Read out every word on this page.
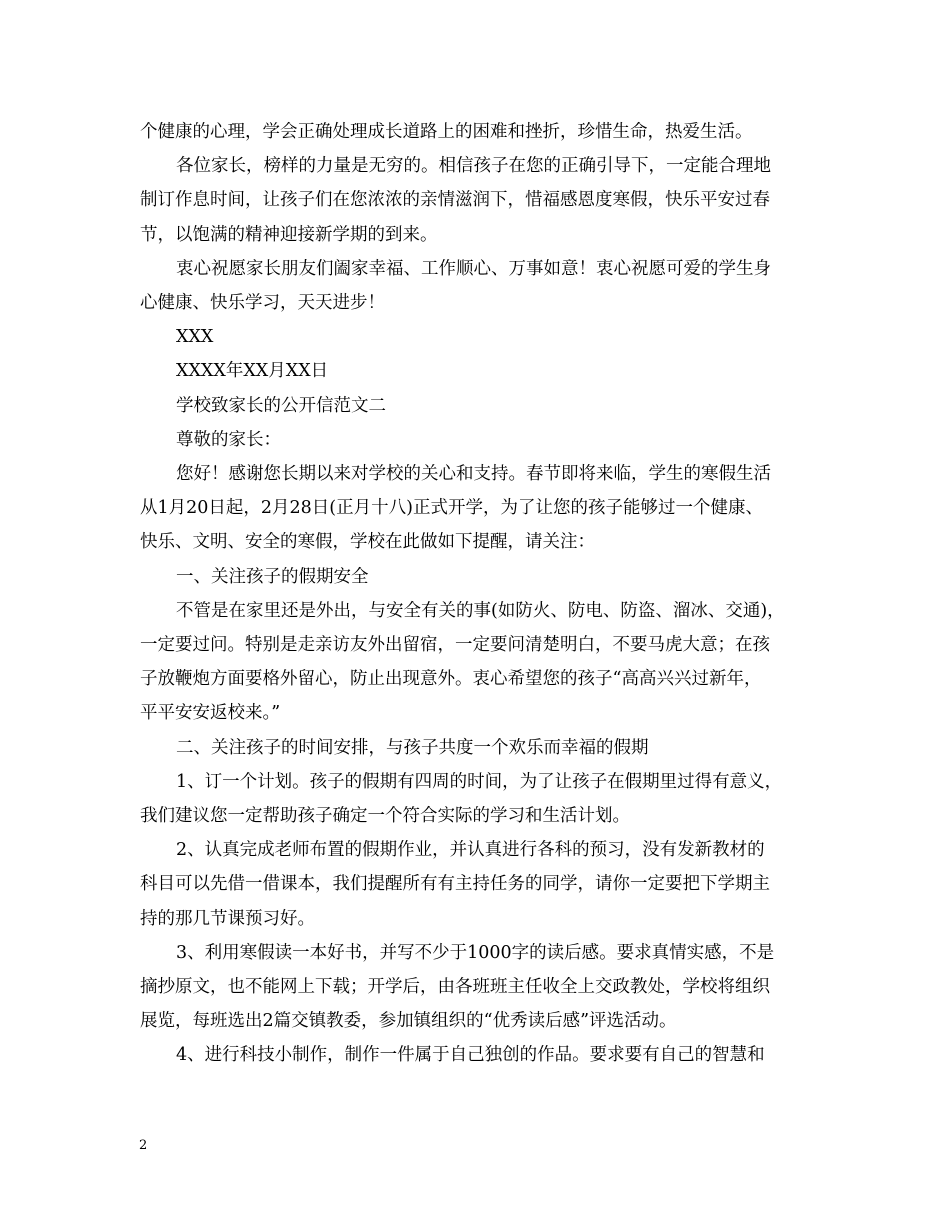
个健康的心理，学会正确处理成长道路上的困难和挫折，珍惜生命，热爱生活。
各位家长，榜样的力量是无穷的。相信孩子在您的正确引导下，一定能合理地
制订作息时间，让孩子们在您浓浓的亲情滋润下，惜福感恩度寒假，快乐平安过春
节，以饱满的精神迎接新学期的到来。
衷心祝愿家长朋友们阖家幸福、工作顺心、万事如意！衷心祝愿可爱的学生身
心健康、快乐学习，天天进步！
XXX
XXXX年XX月XX日
学校致家长的公开信范文二
尊敬的家长：
您好！感谢您长期以来对学校的关心和支持。春节即将来临，学生的寒假生活
从1月20日起，2月28日(正月十八)正式开学，为了让您的孩子能够过一个健康、
快乐、文明、安全的寒假，学校在此做如下提醒，请关注：
一、关注孩子的假期安全
不管是在家里还是外出，与安全有关的事(如防火、防电、防盗、溜冰、交通)，
一定要过问。特别是走亲访友外出留宿，一定要问清楚明白，不要马虎大意；在孩
子放鞭炮方面要格外留心，防止出现意外。衷心希望您的孩子“高高兴兴过新年，
平平安安返校来。”
二、关注孩子的时间安排，与孩子共度一个欢乐而幸福的假期
1、订一个计划。孩子的假期有四周的时间，为了让孩子在假期里过得有意义，
我们建议您一定帮助孩子确定一个符合实际的学习和生活计划。
2、认真完成老师布置的假期作业，并认真进行各科的预习，没有发新教材的
科目可以先借一借课本，我们提醒所有有主持任务的同学，请你一定要把下学期主
持的那几节课预习好。
3、利用寒假读一本好书，并写不少于1000字的读后感。要求真情实感，不是
摘抄原文，也不能网上下载；开学后，由各班班主任收全上交政教处，学校将组织
展览，每班选出2篇交镇教委，参加镇组织的“优秀读后感”评选活动。
4、进行科技小制作，制作一件属于自己独创的作品。要求要有自己的智慧和
2
